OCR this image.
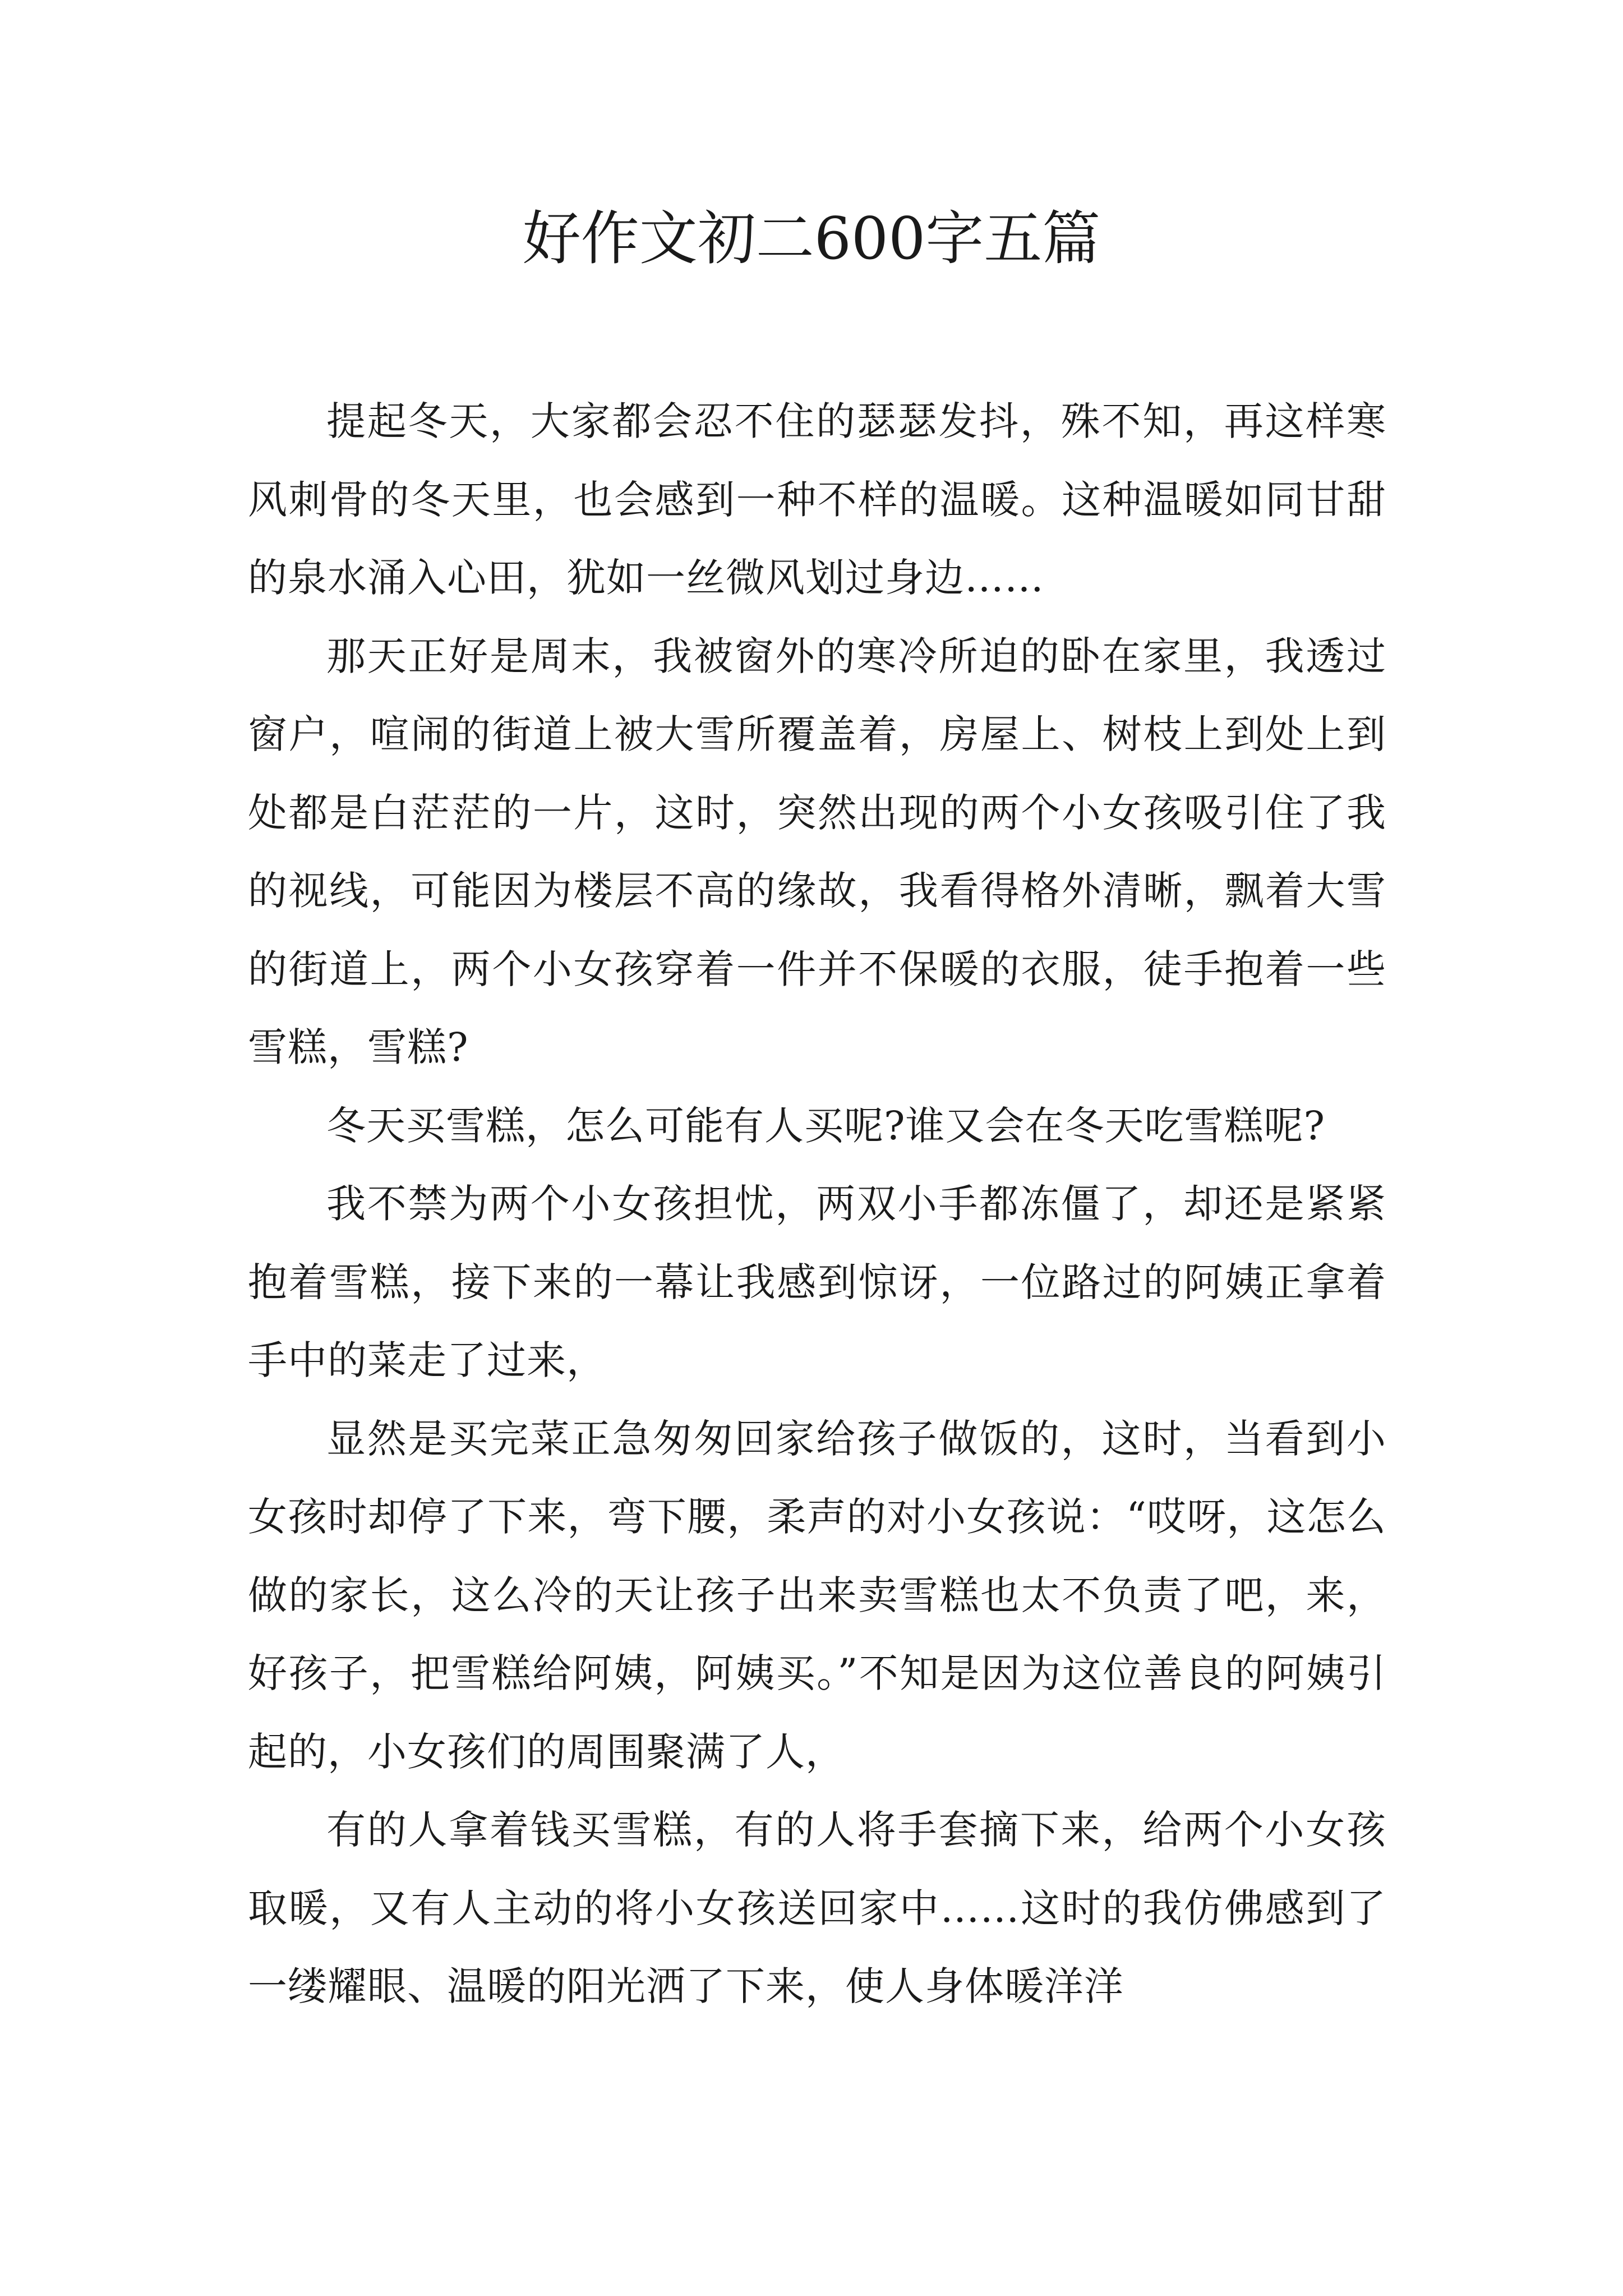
好作文初二600字五篇

提起冬天，大家都会忍不住的瑟瑟发抖，殊不知，再这样寒风刺骨的冬天里，也会感到一种不样的温暖。这种温暖如同甘甜的泉水涌入心田，犹如一丝微风划过身边……

那天正好是周末，我被窗外的寒冷所迫的卧在家里，我透过窗户，喧闹的街道上被大雪所覆盖着，房屋上、树枝上到处上到处都是白茫茫的一片，这时，突然出现的两个小女孩吸引住了我的视线，可能因为楼层不高的缘故，我看得格外清晰，飘着大雪的街道上，两个小女孩穿着一件并不保暖的衣服，徒手抱着一些雪糕，雪糕?

冬天买雪糕，怎么可能有人买呢?谁又会在冬天吃雪糕呢?

我不禁为两个小女孩担忧，两双小手都冻僵了，却还是紧紧抱着雪糕，接下来的一幕让我感到惊讶，一位路过的阿姨正拿着手中的菜走了过来，

显然是买完菜正急匆匆回家给孩子做饭的，这时，当看到小女孩时却停了下来，弯下腰，柔声的对小女孩说：“哎呀，这怎么做的家长，这么冷的天让孩子出来卖雪糕也太不负责了吧，来，好孩子，把雪糕给阿姨，阿姨买。”不知是因为这位善良的阿姨引起的，小女孩们的周围聚满了人，

有的人拿着钱买雪糕，有的人将手套摘下来，给两个小女孩取暖，又有人主动的将小女孩送回家中……这时的我仿佛感到了一缕耀眼、温暖的阳光洒了下来，使人身体暖洋洋
